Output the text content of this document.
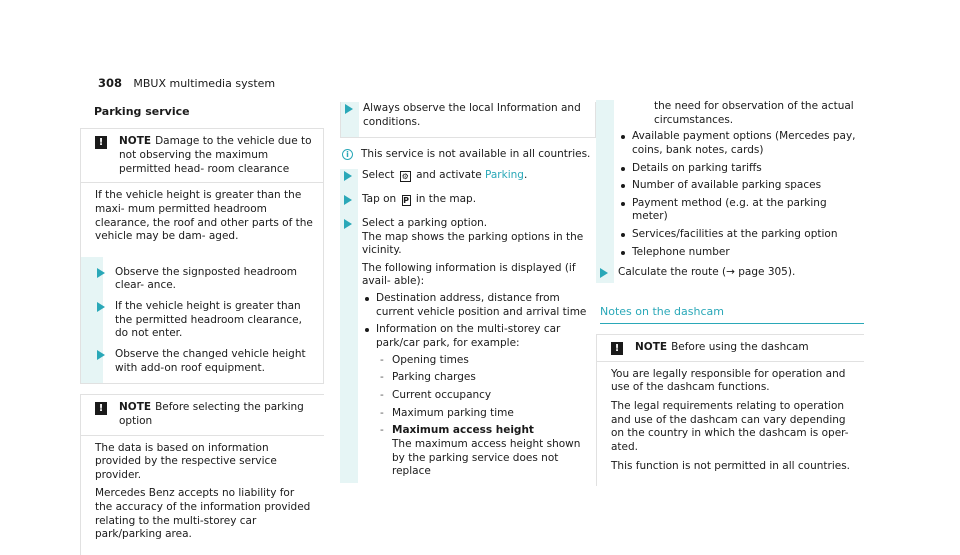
308 MBUX multimedia system
Parking service
!	NOTE Damage to the vehicle due to not observing the maximum permitted head- room clearance

If the vehicle height is greater than the maxi- mum permitted headroom clearance, the roof and other parts of the vehicle may be dam- aged.

Observe the signposted headroom clear- ance.
If the vehicle height is greater than the permitted headroom clearance, do not enter.
Observe the changed vehicle height with add-on roof equipment.
!	NOTE Before selecting the parking option

The data is based on information provided by the respective service provider.

Mercedes Benz accepts no liability for the accuracy of the information provided relating to the multi-storey car park/parking area.

Always observe the local Information and conditions.
i	This service is not available in all countries.
Select ⚙ and activate Parking.
Tap on P in the map.
Select a parking option.
The map shows the parking options in the vicinity.
The following information is displayed (if avail- able):
Destination address, distance from current vehicle position and arrival time
Information on the multi-storey car park/car park, for example:
- Opening times
- Parking charges
- Current occupancy
- Maximum parking time
- Maximum access height
The maximum access height shown by the parking service does not replace
the need for observation of the actual circumstances.
Available payment options (Mercedes pay, coins, bank notes, cards)
Details on parking tariffs
Number of available parking spaces
Payment method (e.g. at the parking meter)
Services/facilities at the parking option
Telephone number
Calculate the route (→ page 305).
Notes on the dashcam
!	NOTE Before using the dashcam

You are legally responsible for operation and use of the dashcam functions.

The legal requirements relating to operation and use of the dashcam can vary depending on the country in which the dashcam is oper- ated.

This function is not permitted in all countries.
